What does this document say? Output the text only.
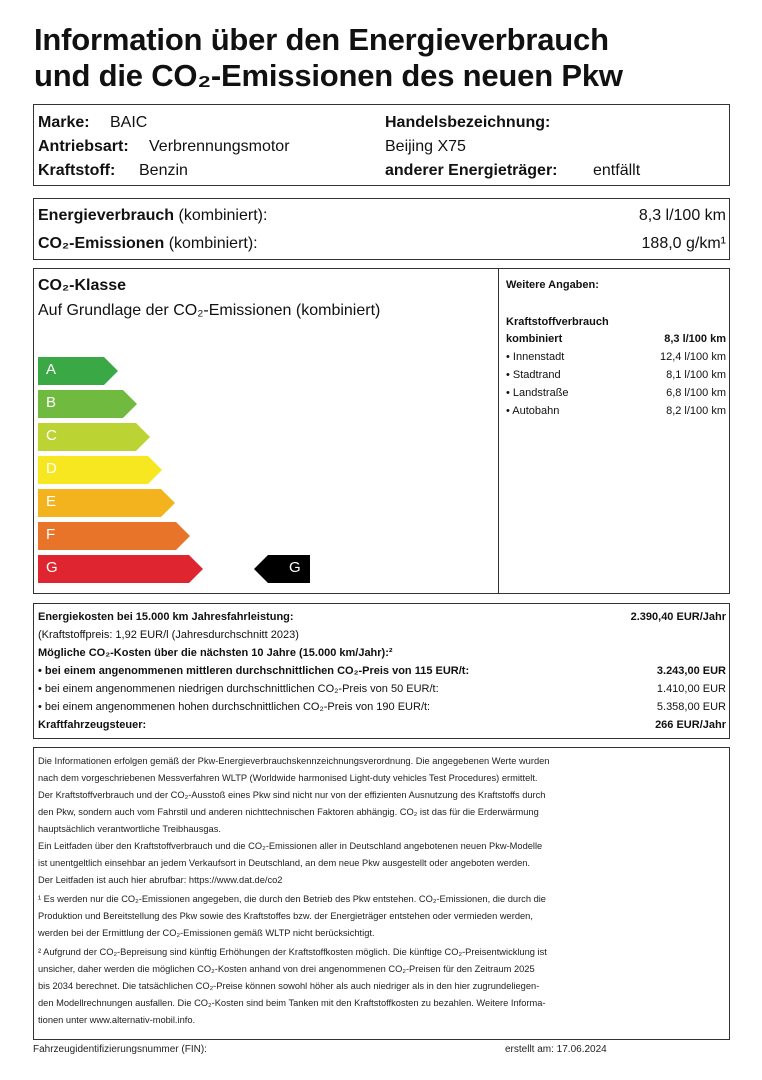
Information über den Energieverbrauch
und die CO₂-Emissionen des neuen Pkw
Marke: BAIC
Antriebsart: Verbrennungsmotor
Kraftstoff: Benzin
Handelsbezeichnung:
Beijing X75
anderer Energieträger: entfällt
Energieverbrauch (kombiniert):	8,3 l/100 km
CO₂-Emissionen (kombiniert):	188,0 g/km¹
CO₂-Klasse
Auf Grundlage der CO₂-Emissionen (kombiniert)
A
B
C
D
E
F
G	G
Weitere Angaben:
Kraftstoffverbrauch
kombiniert	8,3 l/100 km
• Innenstadt	12,4 l/100 km
• Stadtrand	8,1 l/100 km
• Landstraße	6,8 l/100 km
• Autobahn	8,2 l/100 km
Energiekosten bei 15.000 km Jahresfahrleistung:	2.390,40 EUR/Jahr
(Kraftstoffpreis: 1,92 EUR/l (Jahresdurchschnitt 2023)
Mögliche CO₂-Kosten über die nächsten 10 Jahre (15.000 km/Jahr):²
• bei einem angenommenen mittleren durchschnittlichen CO₂-Preis von 115 EUR/t:	3.243,00 EUR
• bei einem angenommenen niedrigen durchschnittlichen CO₂-Preis von 50 EUR/t:	1.410,00 EUR
• bei einem angenommenen hohen durchschnittlichen CO₂-Preis von 190 EUR/t:	5.358,00 EUR
Kraftfahrzeugsteuer:	266 EUR/Jahr
Die Informationen erfolgen gemäß der Pkw-Energieverbrauchskennzeichnungsverordnung. Die angegebenen Werte wurden
nach dem vorgeschriebenen Messverfahren WLTP (Worldwide harmonised Light-duty vehicles Test Procedures) ermittelt.
Der Kraftstoffverbrauch und der CO₂-Ausstoß eines Pkw sind nicht nur von der effizienten Ausnutzung des Kraftstoffs durch
den Pkw, sondern auch vom Fahrstil und anderen nichttechnischen Faktoren abhängig. CO₂ ist das für die Erderwärmung
hauptsächlich verantwortliche Treibhausgas.
Ein Leitfaden über den Kraftstoffverbrauch und die CO₂-Emissionen aller in Deutschland angebotenen neuen Pkw-Modelle
ist unentgeltlich einsehbar an jedem Verkaufsort in Deutschland, an dem neue Pkw ausgestellt oder angeboten werden.
Der Leitfaden ist auch hier abrufbar: https://www.dat.de/co2
¹ Es werden nur die CO₂-Emissionen angegeben, die durch den Betrieb des Pkw entstehen. CO₂-Emissionen, die durch die
Produktion und Bereitstellung des Pkw sowie des Kraftstoffes bzw. der Energieträger entstehen oder vermieden werden,
werden bei der Ermittlung der CO₂-Emissionen gemäß WLTP nicht berücksichtigt.
² Aufgrund der CO₂-Bepreisung sind künftig Erhöhungen der Kraftstoffkosten möglich. Die künftige CO₂-Preisentwicklung ist
unsicher, daher werden die möglichen CO₂-Kosten anhand von drei angenommenen CO₂-Preisen für den Zeitraum 2025
bis 2034 berechnet. Die tatsächlichen CO₂-Preise können sowohl höher als auch niedriger als in den hier zugrundeliegen-
den Modellrechnungen ausfallen. Die CO₂-Kosten sind beim Tanken mit den Kraftstoffkosten zu bezahlen. Weitere Informa-
tionen unter www.alternativ-mobil.info.
Fahrzeugidentifizierungsnummer (FIN):	erstellt am: 17.06.2024
